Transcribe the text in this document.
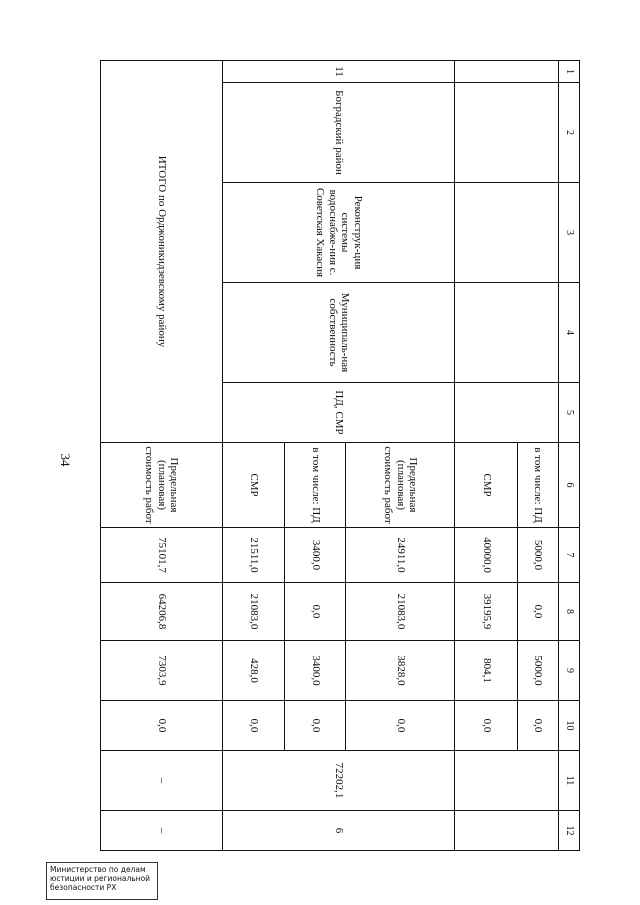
34
1	2	3	4	5	6	7	8	9	10	11	12
					в том числе: ПД	5000,0	0,0	5000,0	0,0		
					СМР	40000,0	39195,9	804,1	0,0		
11	Боградский район	Реконструк-ция системы водоснабже-ния с. Советская Хакасия	Муниципаль-ная собственность	ПД, СМР	Предельная (плановая) стоимость работ	24911,0	21083,0	3828,0	0,0	72202,1	6
					в том числе: ПД	3400,0	0,0	3400,0	0,0		
					СМР	21511,0	21083,0	428,0	0,0		
ИТОГО по Орджоникидзевскому району					Предельная (плановая) стоимость работ	75101,7	64206,8	7303,9	0,0	–	–
Министерство по делам
юстиции и региональной
безопасности РХ
